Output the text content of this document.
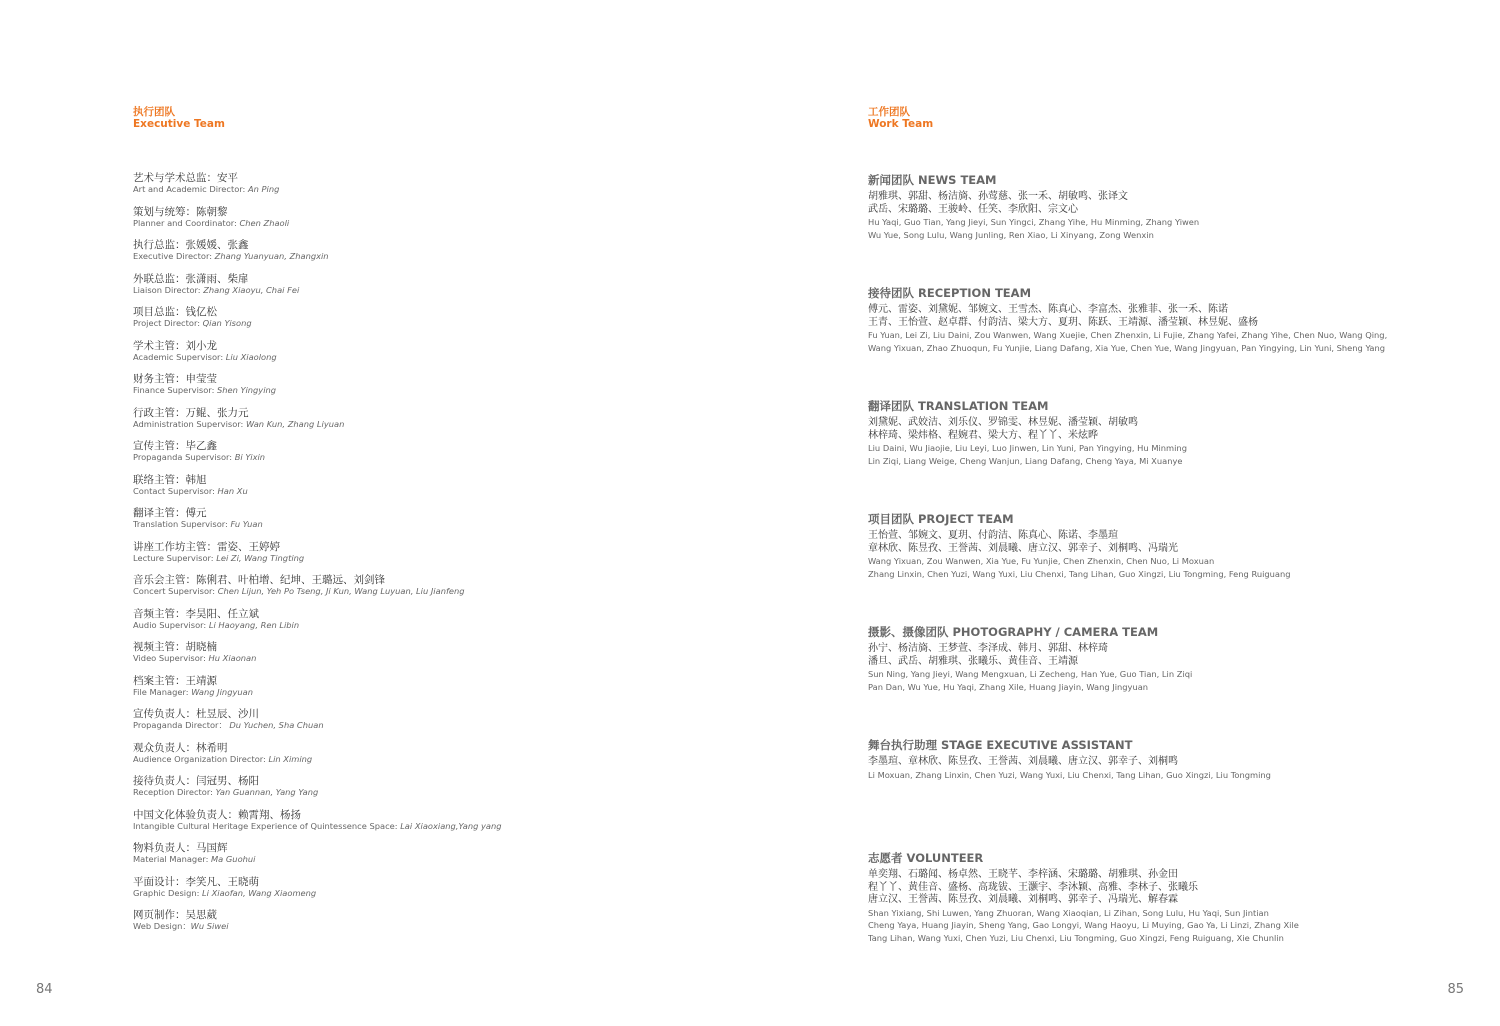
执行团队
Executive Team
艺术与学术总监：安平
Art and Academic Director: An Ping
策划与统筹：陈朝黎
Planner and Coordinator: Chen Zhaoli
执行总监：张媛媛、张鑫
Executive Director: Zhang Yuanyuan, Zhangxin
外联总监：张潇雨、柴扉
Liaison Director: Zhang Xiaoyu, Chai Fei
项目总监：钱亿松
Project Director: Qian Yisong
学术主管：刘小龙
Academic Supervisor: Liu Xiaolong
财务主管：申莹莹
Finance Supervisor: Shen Yingying
行政主管：万鲲、张力元
Administration Supervisor: Wan Kun, Zhang Liyuan
宣传主管：毕乙鑫
Propaganda Supervisor: Bi Yixin
联络主管：韩旭
Contact Supervisor: Han Xu
翻译主管：傅元
Translation Supervisor: Fu Yuan
讲座工作坊主管：雷姿、王婷婷
Lecture Supervisor: Lei Zi, Wang Tingting
音乐会主管：陈俐君、叶柏增、纪坤、王璐远、刘剑锋
Concert Supervisor: Chen Lijun, Yeh Po Tseng, Ji Kun, Wang Luyuan, Liu Jianfeng
音频主管：李昊阳、任立斌
Audio Supervisor: Li Haoyang, Ren Libin
视频主管：胡晓楠
Video Supervisor: Hu Xiaonan
档案主管：王靖源
File Manager: Wang Jingyuan
宣传负责人：杜昱辰、沙川
Propaganda Director： Du Yuchen, Sha Chuan
观众负责人：林希明
Audience Organization Director: Lin Ximing
接待负责人：闫冠男、杨阳
Reception Director: Yan Guannan, Yang Yang
中国文化体验负责人：赖霄翔、杨扬
Intangible Cultural Heritage Experience of Quintessence Space: Lai Xiaoxiang,Yang yang
物料负责人：马国辉
Material Manager: Ma Guohui
平面设计：李笑凡、王晓萌
Graphic Design: Li Xiaofan, Wang Xiaomeng
网页制作：吴思葳
Web Design：Wu Siwei
84
工作团队
Work Team
新闻团队 NEWS TEAM
胡雅琪、郭甜、杨洁旖、孙莺慈、张一禾、胡敏鸣、张译文
武岳、宋璐璐、王骏岭、任笑、李欣阳、宗文心
Hu Yaqi, Guo Tian, Yang Jieyi, Sun Yingci, Zhang Yihe, Hu Minming, Zhang Yiwen
Wu Yue, Song Lulu, Wang Junling, Ren Xiao, Li Xinyang, Zong Wenxin
接待团队 RECEPTION TEAM
傅元、雷姿、刘黛妮、邹婉文、王雪杰、陈真心、李富杰、张雅菲、张一禾、陈诺
王青、王怡萱、赵卓群、付韵洁、梁大方、夏玥、陈跃、王靖源、潘莹颖、林昱妮、盛杨
Fu Yuan, Lei Zi, Liu Daini, Zou Wanwen, Wang Xuejie, Chen Zhenxin, Li Fujie, Zhang Yafei, Zhang Yihe, Chen Nuo, Wang Qing,
Wang Yixuan, Zhao Zhuoqun, Fu Yunjie, Liang Dafang, Xia Yue, Chen Yue, Wang Jingyuan, Pan Yingying, Lin Yuni, Sheng Yang
翻译团队 TRANSLATION TEAM
刘黛妮、武姣洁、刘乐仪、罗锦雯、林昱妮、潘莹颖、胡敏鸣
林梓琦、梁炜格、程婉君、梁大方、程丫丫、米炫晔
Liu Daini, Wu Jiaojie, Liu Leyi, Luo Jinwen, Lin Yuni, Pan Yingying, Hu Minming
Lin Ziqi, Liang Weige, Cheng Wanjun, Liang Dafang, Cheng Yaya, Mi Xuanye
项目团队 PROJECT TEAM
王怡萱、邹婉文、夏玥、付韵洁、陈真心、陈诺、李墨瑄
章林欣、陈昱孜、王誉茜、刘晨曦、唐立汉、郭幸子、刘桐鸣、冯瑞光
Wang Yixuan, Zou Wanwen, Xia Yue, Fu Yunjie, Chen Zhenxin, Chen Nuo, Li Moxuan
Zhang Linxin, Chen Yuzi, Wang Yuxi, Liu Chenxi, Tang Lihan, Guo Xingzi, Liu Tongming, Feng Ruiguang
摄影、摄像团队 PHOTOGRAPHY / CAMERA TEAM
孙宁、杨洁旖、王梦萱、李泽成、韩月、郭甜、林梓琦
潘旦、武岳、胡雅琪、张曦乐、黄佳音、王靖源
Sun Ning, Yang Jieyi, Wang Mengxuan, Li Zecheng, Han Yue, Guo Tian, Lin Ziqi
Pan Dan, Wu Yue, Hu Yaqi, Zhang Xile, Huang Jiayin, Wang Jingyuan
舞台执行助理 STAGE EXECUTIVE ASSISTANT
李墨瑄、章林欣、陈昱孜、王誉茜、刘晨曦、唐立汉、郭幸子、刘桐鸣
Li Moxuan, Zhang Linxin, Chen Yuzi, Wang Yuxi, Liu Chenxi, Tang Lihan, Guo Xingzi, Liu Tongming
志愿者 VOLUNTEER
单奕翔、石璐闻、杨卓然、王晓芊、李梓涵、宋璐璐、胡雅琪、孙金田
程丫丫、黄佳音、盛杨、高珑钹、王灏宇、李沐颖、高雅、李林子、张曦乐
唐立汉、王誉茜、陈昱孜、刘晨曦、刘桐鸣、郭幸子、冯瑞光、解春霖
Shan Yixiang, Shi Luwen, Yang Zhuoran, Wang Xiaoqian, Li Zihan, Song Lulu, Hu Yaqi, Sun Jintian
Cheng Yaya, Huang Jiayin, Sheng Yang, Gao Longyi, Wang Haoyu, Li Muying, Gao Ya, Li Linzi, Zhang Xile
Tang Lihan, Wang Yuxi, Chen Yuzi, Liu Chenxi, Liu Tongming, Guo Xingzi, Feng Ruiguang, Xie Chunlin
85
